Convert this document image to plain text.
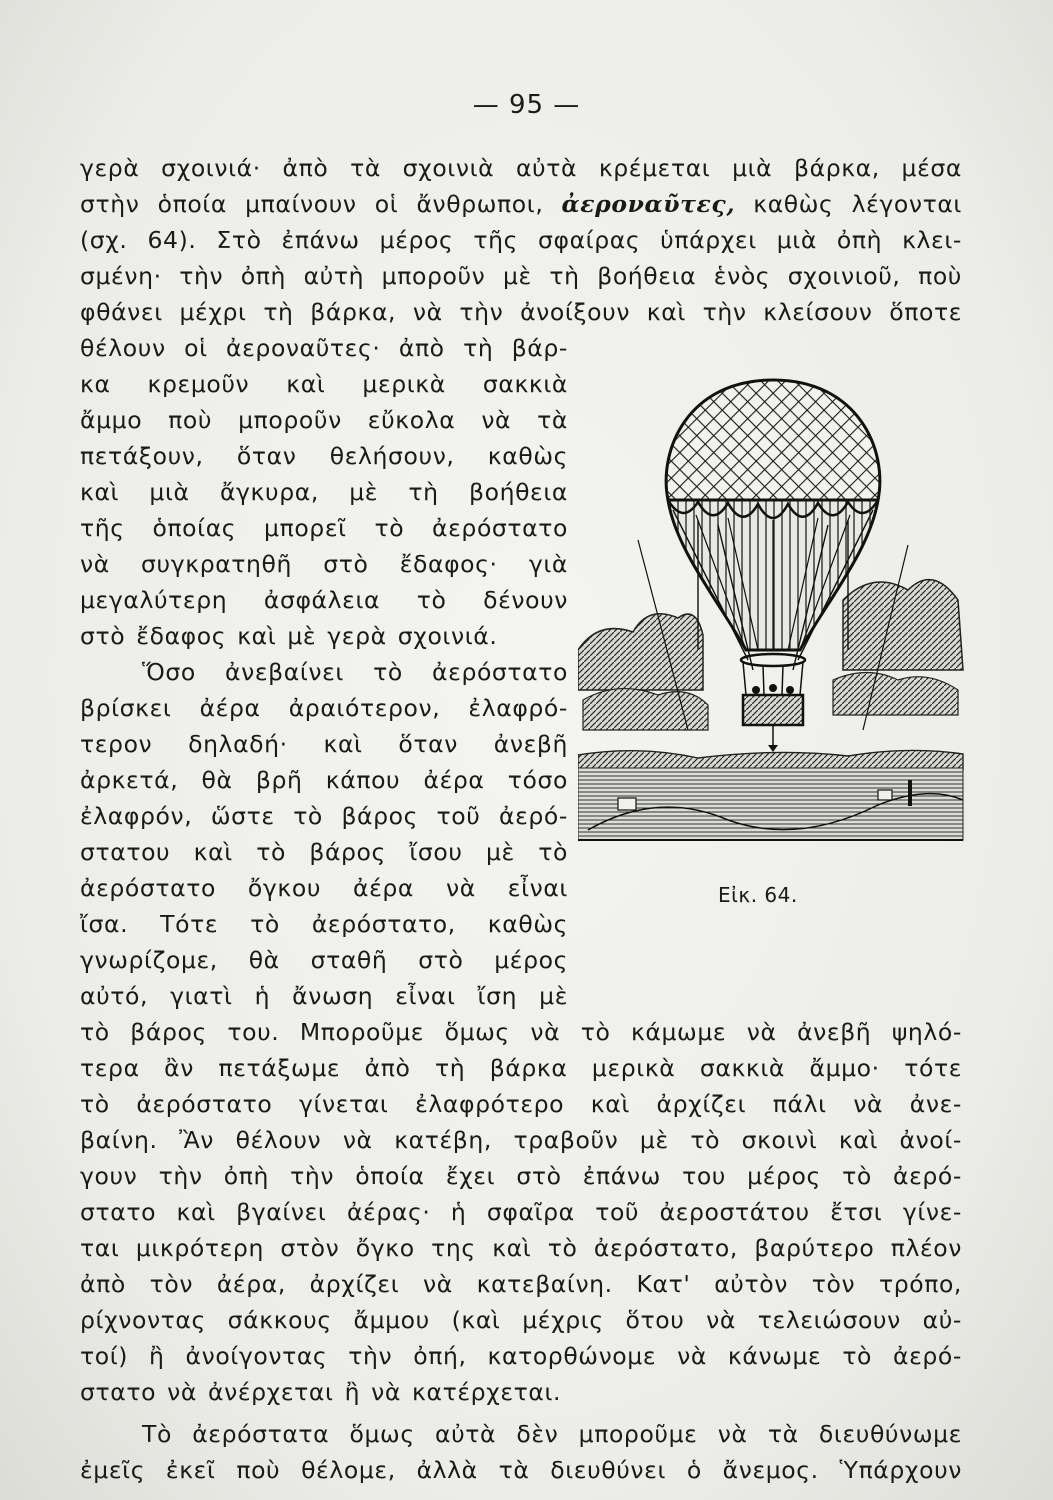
— 95 —
γερὰ σχοινιά· ἀπὸ τὰ σχοινιὰ αὐτὰ κρέμεται μιὰ βάρκα, μέσα
στὴν ὁποία μπαίνουν οἱ ἄνθρωποι, ἀεροναῦτες, καθὼς λέγονται
(σχ. 64). Στὸ ἐπάνω μέρος τῆς σφαίρας ὑπάρχει μιὰ ὀπὴ κλει-
σμένη· τὴν ὀπὴ αὐτὴ μποροῦν μὲ τὴ βοήθεια ἑνὸς σχοινιοῦ, ποὺ
φθάνει μέχρι τὴ βάρκα, νὰ τὴν ἀνοίξουν καὶ τὴν κλείσουν ὅποτε
θέλουν οἱ ἀεροναῦτες· ἀπὸ τὴ βάρ-
κα κρεμοῦν καὶ μερικὰ σακκιὰ
ἄμμο ποὺ μποροῦν εὔκολα νὰ τὰ
πετάξουν, ὅταν θελήσουν, καθὼς
καὶ μιὰ ἄγκυρα, μὲ τὴ βοήθεια
τῆς ὁποίας μπορεῖ τὸ ἀερόστατο
νὰ συγκρατηθῆ στὸ ἔδαφος· γιὰ
μεγαλύτερη ἀσφάλεια τὸ δένουν
στὸ ἔδαφος καὶ μὲ γερὰ σχοινιά.
Ὅσο ἀνεβαίνει τὸ ἀερόστατο
βρίσκει ἀέρα ἀραιότερον, ἐλαφρό-
τερον δηλαδή· καὶ ὅταν ἀνεβῆ
ἀρκετά, θὰ βρῆ κάπου ἀέρα τόσο
ἐλαφρόν, ὥστε τὸ βάρος τοῦ ἀερό-
στατου καὶ τὸ βάρος ἴσου μὲ τὸ
ἀερόστατο ὄγκου ἀέρα νὰ εἶναι
ἴσα. Τότε τὸ ἀερόστατο, καθὼς
γνωρίζομε, θὰ σταθῆ στὸ μέρος
αὐτό, γιατὶ ἡ ἄνωση εἶναι ἴση μὲ
τὸ βάρος του. Μποροῦμε ὅμως νὰ τὸ κάμωμε νὰ ἀνεβῆ ψηλό-
τερα ἂν πετάξωμε ἀπὸ τὴ βάρκα μερικὰ σακκιὰ ἄμμο· τότε
τὸ ἀερόστατο γίνεται ἐλαφρότερο καὶ ἀρχίζει πάλι νὰ ἀνε-
βαίνη. Ἂν θέλουν νὰ κατέβη, τραβοῦν μὲ τὸ σκοινὶ καὶ ἀνοί-
γουν τὴν ὀπὴ τὴν ὁποία ἔχει στὸ ἐπάνω του μέρος τὸ ἀερό-
στατο καὶ βγαίνει ἀέρας· ἡ σφαῖρα τοῦ ἀεροστάτου ἔτσι γίνε-
ται μικρότερη στὸν ὄγκο της καὶ τὸ ἀερόστατο, βαρύτερο πλέον
ἀπὸ τὸν ἀέρα, ἀρχίζει νὰ κατεβαίνη. Κατ' αὐτὸν τὸν τρόπο,
ρίχνοντας σάκκους ἄμμου (καὶ μέχρις ὅτου νὰ τελειώσουν αὐ-
τοί) ἢ ἀνοίγοντας τὴν ὀπή, κατορθώνομε νὰ κάνωμε τὸ ἀερό-
στατο νὰ ἀνέρχεται ἢ νὰ κατέρχεται.
Τὸ ἀερόστατα ὅμως αὐτὰ δὲν μποροῦμε νὰ τὰ διευθύνωμε
ἐμεῖς ἐκεῖ ποὺ θέλομε, ἀλλὰ τὰ διευθύνει ὁ ἄνεμος. Ὑπάρχουν
Εἰκ. 64.
